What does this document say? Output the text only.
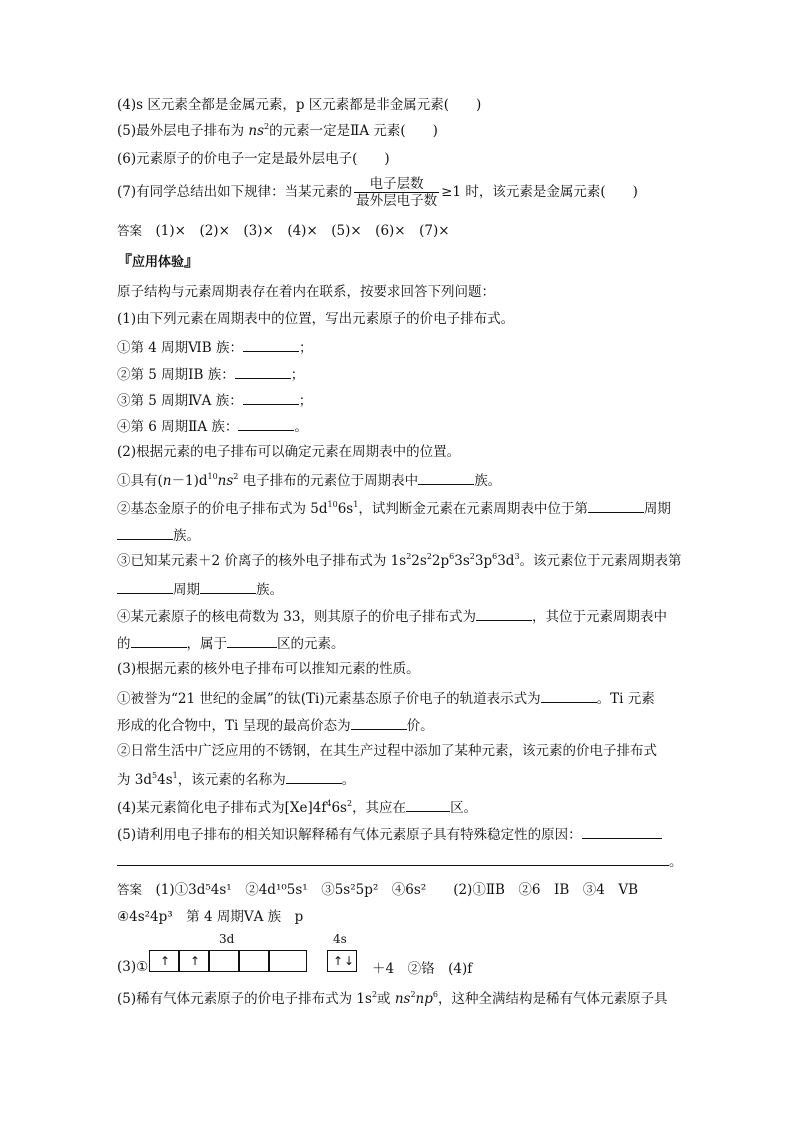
(4)s 区元素全都是金属元素，p 区元素都是非金属元素(　　)
(5)最外层电子排布为 $ns^2$的元素一定是ⅡA 元素(　　)
(6)元素原子的价电子一定是最外层电子(　　)
(7)有同学总结出如下规律：当某元素的 $\frac{\text{电子层数}}{\text{最外层电子数}} \ge 1$ 时，该元素是金属元素(　　)
答案　 (1)×　(2)×　(3)×　(4)×　(5)×　(6)×　(7)×
『应用体验』
原子结构与元素周期表存在着内在联系，按要求回答下列问题：
(1)由下列元素在周期表中的位置，写出元素原子的价电子排布式。
①第 4 周期ⅥB 族：	；
②第 5 周期ⅠB 族：	；
③第 5 周期ⅣA 族：	；
④第 6 周期ⅡA 族：	。
(2)根据元素的电子排布可以确定元素在周期表中的位置。
①具有$(n-1)d^{10}ns^2$ 电子排布的元素位于周期表中	族。
②基态金原子的价电子排布式为 $5d^{10}6s^1$，试判断金元素在元素周期表中位于第	周期
族。
③已知某元素＋2 价离子的核外电子排布式为 $1s^22s^22p^63s^23p^63d^3$。该元素位于元素周期表第
周期	族。
④某元素原子的核电荷数为 33，则其原子的价电子排布式为	，其位于元素周期表中
的	，属于	区的元素。
(3)根据元素的核外电子排布可以推知元素的性质。
①被誉为“21 世纪的金属”的钛(Ti)元素基态原子价电子的轨道表示式为	。Ti 元素
形成的化合物中，Ti 呈现的最高价态为	价。
②日常生活中广泛应用的不锈钢，在其生产过程中添加了某种元素，该元素的价电子排布式
为 $3d^54s^1$，该元素的名称为	。
(4)某元素简化电子排布式为$[Xe]4f^46s^2$，其应在	区。
(5)请利用电子排布的相关知识解释稀有气体元素原子具有特殊稳定性的原因：
。
答案　 (1)①3d⁵4s¹　②4d¹⁰5s¹　③5s²5p²　④6s²　　(2)①ⅡB　②6　ⅠB　③4　ⅤB
④4s²4p³　第 4 周期ⅤA 族　p
(3)①
3d	4s
↑ ↑	↑ ↓ ＋4　②铬　(4)f
(5)稀有气体元素原子的价电子排布式为 $1s^2$或 $ns^2np^6$，这种全满结构是稀有气体元素原子具
